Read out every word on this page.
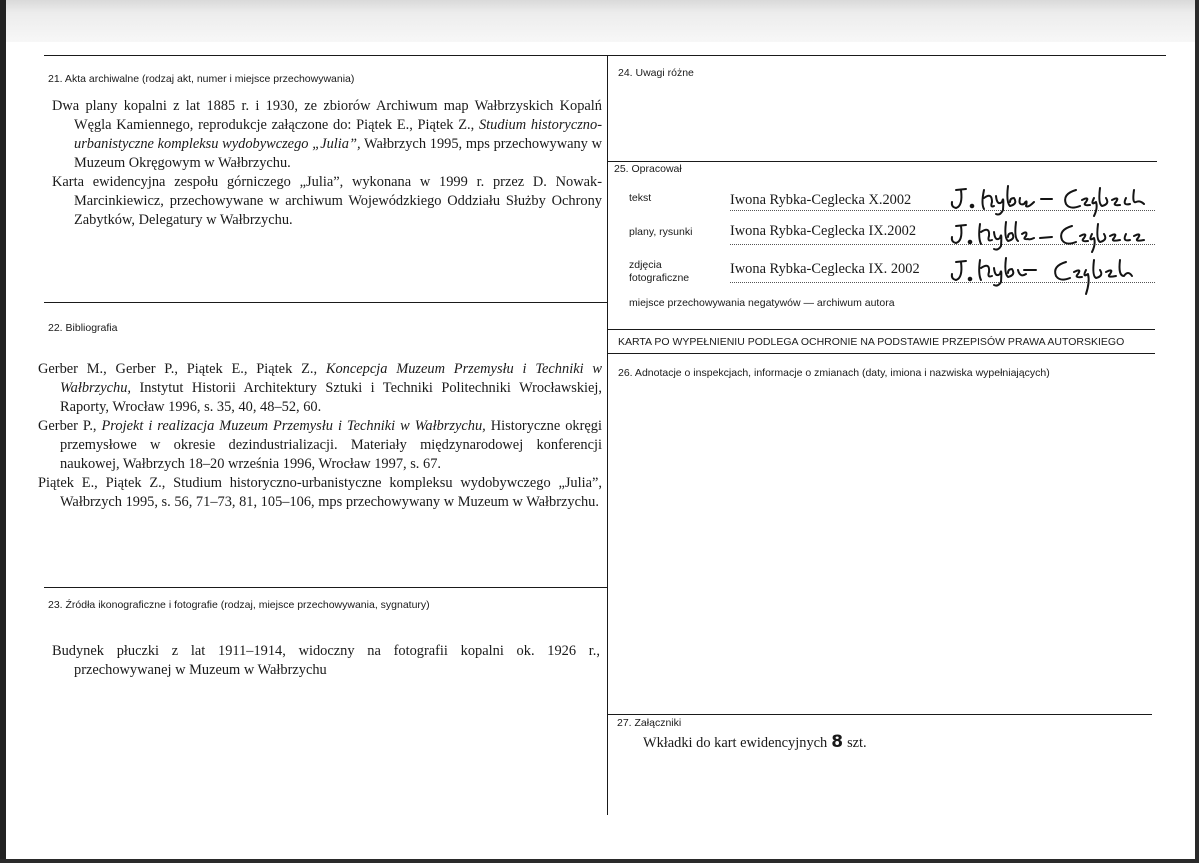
21. Akta archiwalne (rodzaj akt, numer i miejsce przechowywania)

Dwa plany kopalni z lat 1885 r. i 1930, ze zbiorów Archiwum map Wałbrzyskich Kopalń Węgla Kamiennego, reprodukcje załączone do: Piątek E., Piątek Z., Studium historyczno-urbanistyczne kompleksu wydobywczego „Julia”, Wałbrzych 1995, mps przechowywany w Muzeum Okręgowym w Wałbrzychu.

Karta ewidencyjna zespołu górniczego „Julia”, wykonana w 1999 r. przez D. Nowak-Marcinkiewicz, przechowywane w archiwum Wojewódzkiego Oddziału Służby Ochrony Zabytków, Delegatury w Wałbrzychu.

22. Bibliografia

Gerber M., Gerber P., Piątek E., Piątek Z., Koncepcja Muzeum Przemysłu i Techniki w Wałbrzychu, Instytut Historii Architektury Sztuki i Techniki Politechniki Wrocławskiej, Raporty, Wrocław 1996, s. 35, 40, 48–52, 60.

Gerber P., Projekt i realizacja Muzeum Przemysłu i Techniki w Wałbrzychu, Historyczne okręgi przemysłowe w okresie dezindustrializacji. Materiały międzynarodowej konferencji naukowej, Wałbrzych 18–20 września 1996, Wrocław 1997, s. 67.

Piątek E., Piątek Z., Studium historyczno-urbanistyczne kompleksu wydobywczego „Julia”, Wałbrzych 1995, s. 56, 71–73, 81, 105–106, mps przechowywany w Muzeum w Wałbrzychu.

23. Źródła ikonograficzne i fotografie (rodzaj, miejsce przechowywania, sygnatury)

Budynek płuczki z lat 1911–1914, widoczny na fotografii kopalni ok. 1926 r., przechowywanej w Muzeum w Wałbrzychu

24. Uwagi różne
25. Opracował
tekst	Iwona Rybka-Ceglecka X.2002
plany, rysunki	Iwona Rybka-Ceglecka IX.2002
zdjęcia
fotograficzne
Iwona Rybka-Ceglecka IX. 2002
miejsce przechowywania negatywów — archiwum autora
KARTA PO WYPEŁNIENIU PODLEGA OCHRONIE NA PODSTAWIE PRZEPISÓW PRAWA AUTORSKIEGO
26. Adnotacje o inspekcjach, informacje o zmianach (daty, imiona i nazwiska wypełniających)
27. Załączniki
Wkładki do kart ewidencyjnych 8 szt.
